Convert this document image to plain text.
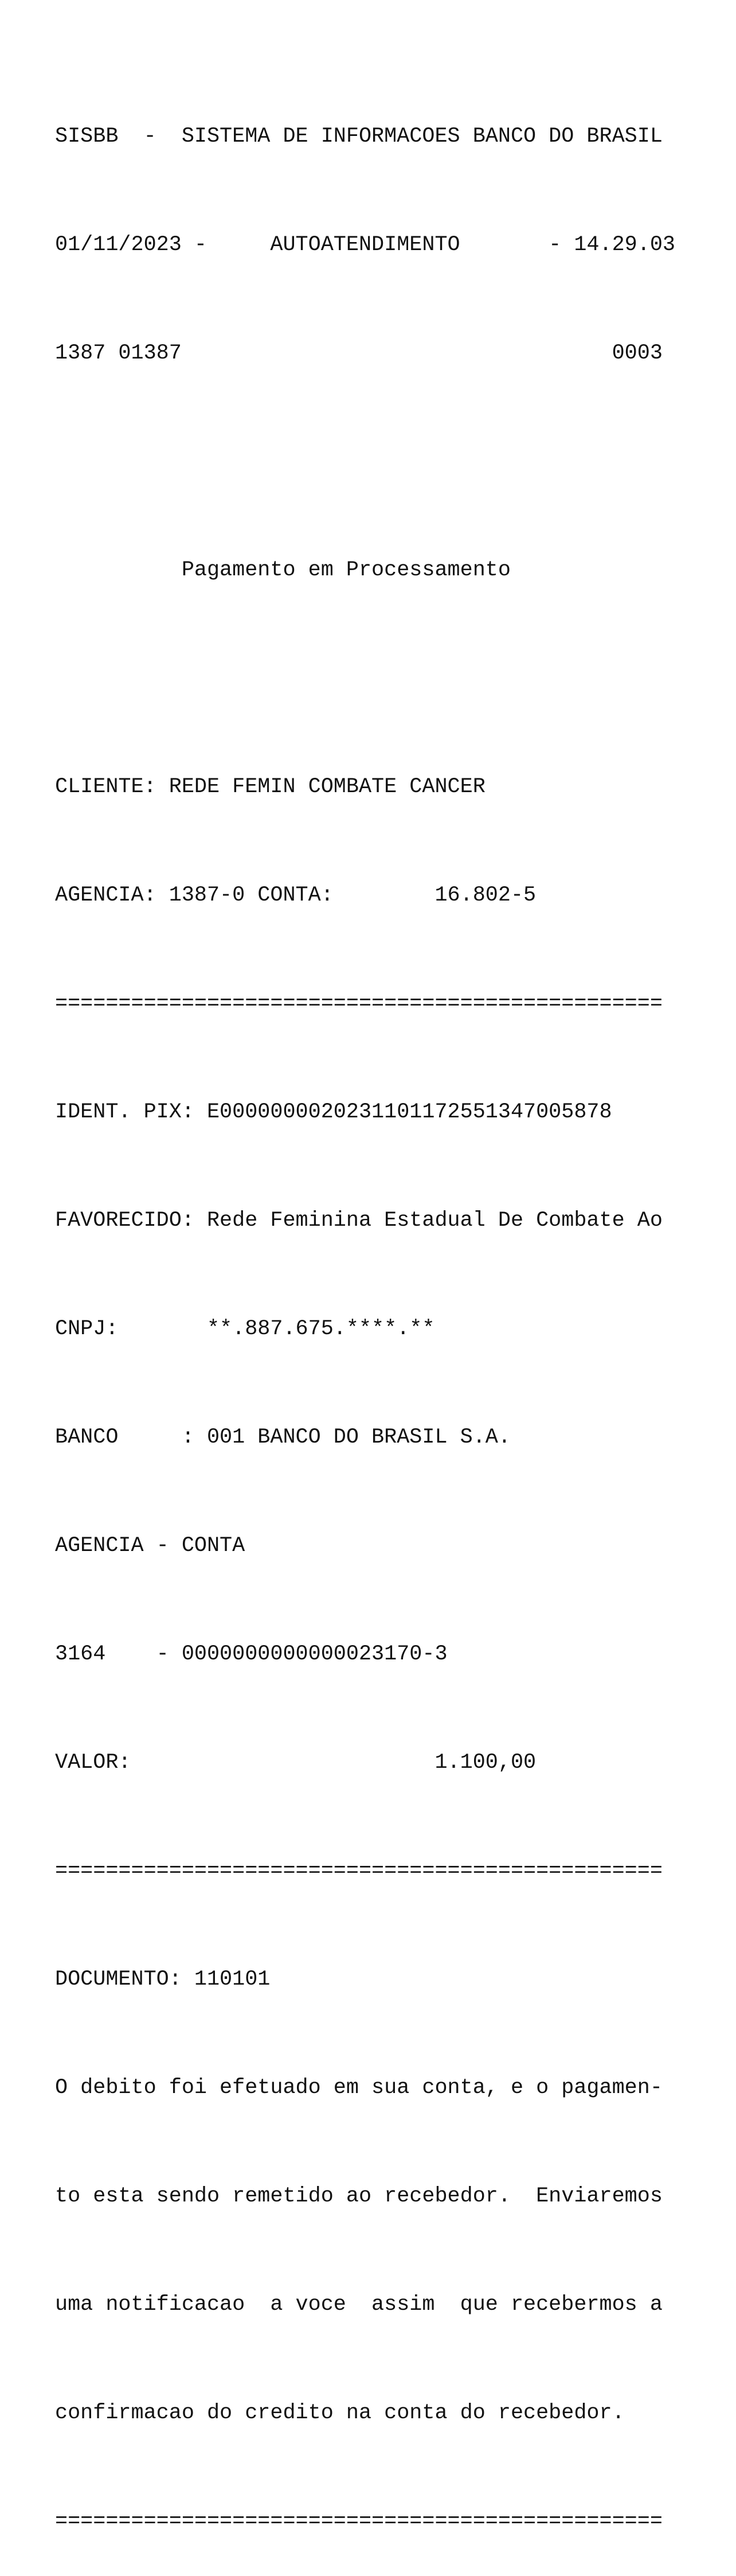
SISBB  -  SISTEMA DE INFORMACOES BANCO DO BRASIL

01/11/2023 -     AUTOATENDIMENTO       - 14.29.03

1387 01387                                  0003

Pagamento em Processamento

CLIENTE: REDE FEMIN COMBATE CANCER

AGENCIA: 1387-0 CONTA:        16.802-5

================================================

IDENT. PIX: E0000000020231101172551347005878

FAVORECIDO: Rede Feminina Estadual De Combate Ao

CNPJ:       **.887.675.****.**

BANCO     : 001 BANCO DO BRASIL S.A.

AGENCIA - CONTA

3164    - 0000000000000023170-3

VALOR:                        1.100,00

================================================

DOCUMENTO: 110101

O debito foi efetuado em sua conta, e o pagamen-

to esta sendo remetido ao recebedor.  Enviaremos

uma notificacao  a voce  assim  que recebermos a

confirmacao do credito na conta do recebedor.

================================================
